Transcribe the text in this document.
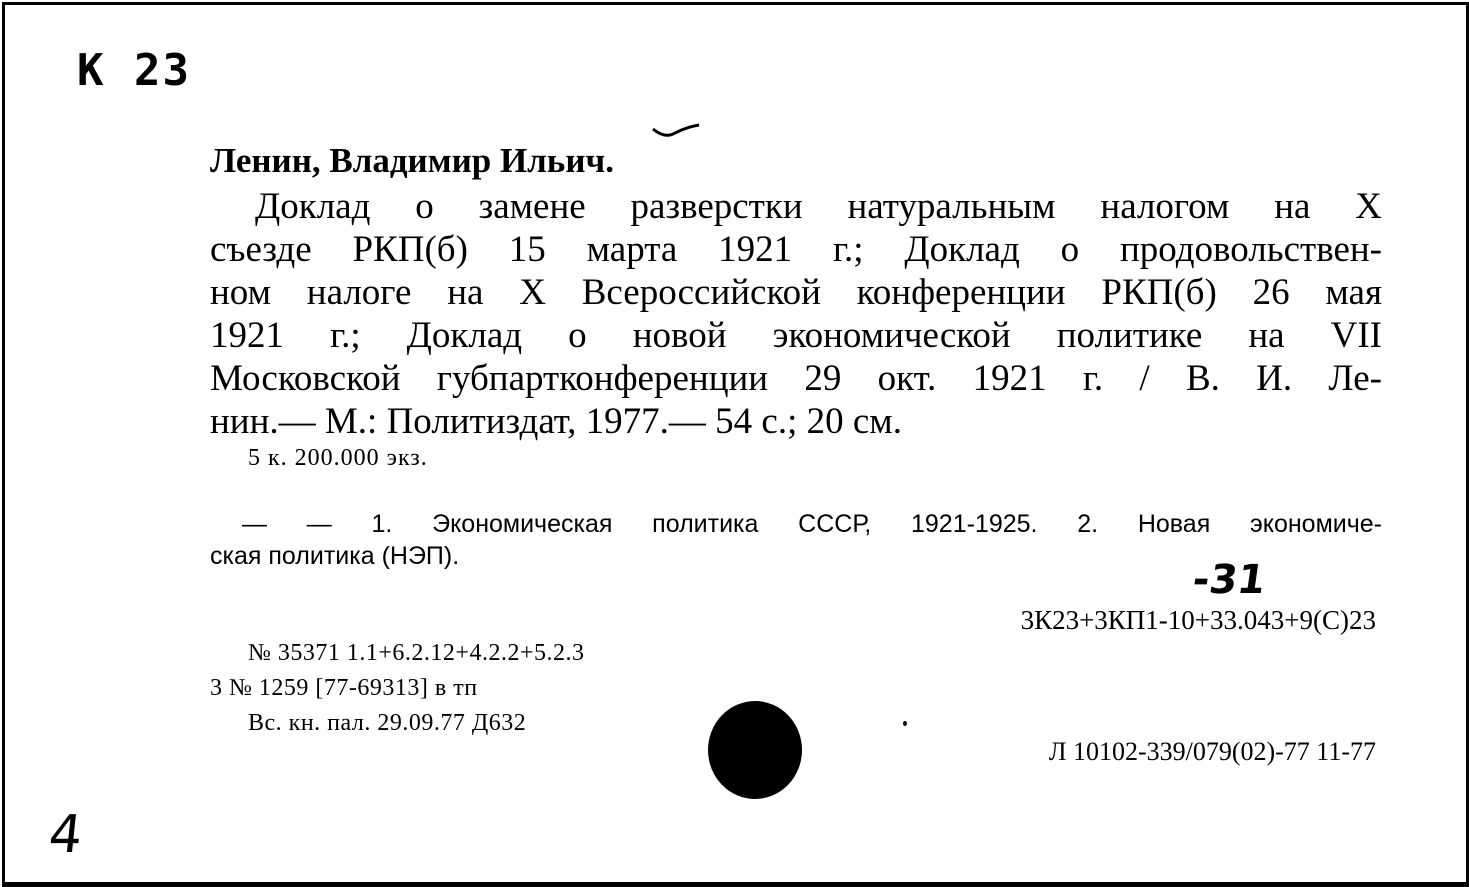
К 23
Ленин, Владимир Ильич.
Доклад о замене разверстки натуральным налогом на X
съезде РКП(б) 15 марта 1921 г.; Доклад о продовольствен-
ном налоге на X Всероссийской конференции РКП(б) 26 мая
1921 г.; Доклад о новой экономической политике на VII
Московской губпартконференции 29 окт. 1921 г. / В. И. Ле-
нин.— М.: Политиздат, 1977.— 54 с.; 20 см.
5 к. 200.000 экз.
— — 1. Экономическая политика СССР, 1921-1925. 2. Новая экономиче-
ская политика (НЭП).
-31
3К23+3КП1-10+33.043+9(С)23
№ 35371 1.1+6.2.12+4.2.2+5.2.3
3 № 1259 [77-69313] в тп
Вс. кн. пал. 29.09.77 Д632
Л 10102-339/079(02)-77 11-77
4
